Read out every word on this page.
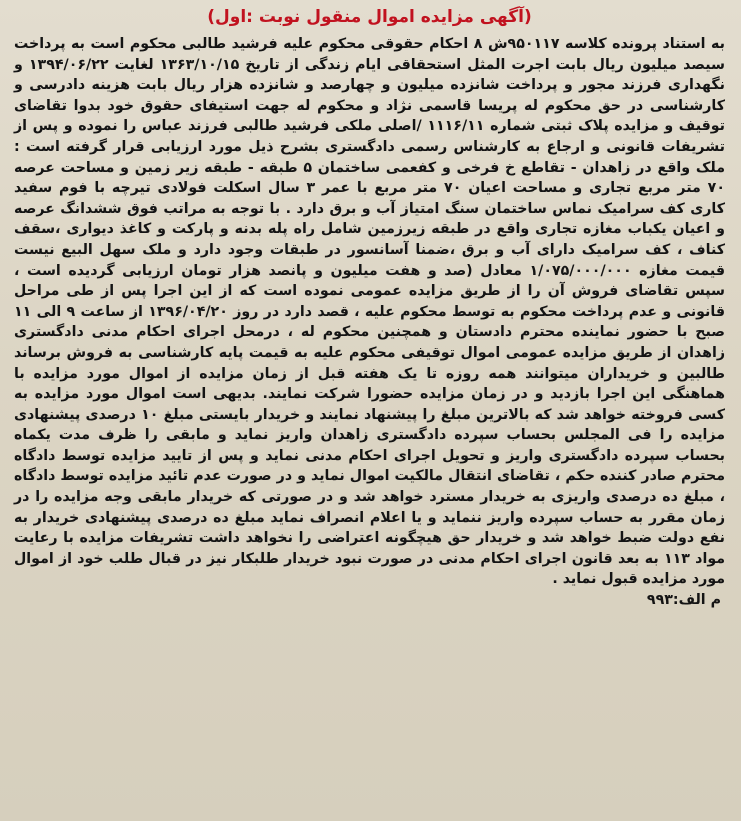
(آگهی مزایده اموال منقول نوبت :اول)

به استناد پرونده کلاسه ۹۵۰۱۱۷ش ۸ احکام حقوقی محکوم علیه فرشید طالبی محکوم است به پرداخت سیصد میلیون ریال بابت اجرت المثل استحقاقی ایام زندگی از تاریخ ۱۳۶۳/۱۰/۱۵ لغایت ۱۳۹۴/۰۶/۲۲ و نگهداری فرزند مجور و پرداخت شانزده میلیون و چهارصد و شانزده هزار ریال بابت هزینه دادرسی و کارشناسی در حق محکوم له پریسا قاسمی نژاد و محکوم له جهت استیفای حقوق خود بدوا تقاضای توقیف و مزایده پلاک ثبتی شماره ۱۱۱۶/۱۱ /اصلی ملکی فرشید طالبی فرزند عباس را نموده و پس از تشریفات قانونی و ارجاع به کارشناس رسمی دادگستری بشرح ذیل مورد ارزیابی قرار گرفته است : ملک واقع در زاهدان - تقاطع خ فرخی و کفعمی ساختمان ۵ طبقه - طبقه زیر زمین و مساحت عرصه ۷۰ متر مربع تجاری و مساحت اعیان ۷۰ متر مربع با عمر ۳ سال اسکلت فولادی تیرچه با فوم سفید کاری کف سرامیک نماس ساختمان سنگ امتیاز آب و برق دارد . با توجه به مراتب فوق ششدانگ عرصه و اعیان یکباب مغازه تجاری واقع در طبقه زیرزمین شامل راه پله بدنه و پارکت و کاغذ دیواری ،سقف کناف ، کف سرامیک دارای آب و برق ،ضمنا آسانسور در طبقات وجود دارد و ملک سهل البیع نیست قیمت مغازه ۱/۰۷۵/۰۰۰/۰۰۰ معادل (صد و هفت میلیون و پانصد هزار تومان ارزیابی گردیده است ، سپس تقاضای فروش آن را از طریق مزایده عمومی نموده است که از این اجرا پس از طی مراحل قانونی و عدم پرداخت محکوم به توسط محکوم علیه ، قصد دارد در روز ۱۳۹۶/۰۴/۲۰ از ساعت ۹ الی ۱۱ صبح با حضور نماینده محترم دادستان و همچنین محکوم له ، درمحل اجرای احکام مدنی دادگستری زاهدان از طریق مزایده عمومی اموال توقیفی محکوم علیه به قیمت پایه کارشناسی به فروش برساند طالبین و خریداران میتوانند همه روزه تا یک هفته قبل از زمان مزایده از اموال مورد مزایده با هماهنگی این اجرا بازدید و در زمان مزایده حضورا شرکت نمایند. بدیهی است اموال مورد مزایده به کسی فروخته خواهد شد که بالاترین مبلغ را پیشنهاد نمایند و خریدار بایستی مبلغ ۱۰ درصدی پیشنهادی مزایده را فی المجلس بحساب سپرده دادگستری زاهدان واریز نماید و مابقی را ظرف مدت یکماه بحساب سپرده دادگستری واریز و تحویل اجرای احکام مدنی نماید و پس از تایید مزایده توسط دادگاه محترم صادر کننده حکم ، تقاضای انتقال مالکیت اموال نماید و در صورت عدم تائید مزایده توسط دادگاه ، مبلغ ده درصدی واریزی به خریدار مسترد خواهد شد و در صورتی که خریدار مابقی وجه مزایده را در زمان مقرر به حساب سپرده واریز ننماید و یا اعلام انصراف نماید مبلغ ده درصدی پیشنهادی خریدار به نفع دولت ضبط خواهد شد و خریدار حق هیچگونه اعتراضی را نخواهد داشت تشریفات مزایده با رعایت مواد ۱۱۳ به بعد قانون اجرای احکام مدنی در صورت نبود خریدار طلبکار نیز در قبال طلب خود از اموال مورد مزایده قبول نماید .

م الف:۹۹۳
